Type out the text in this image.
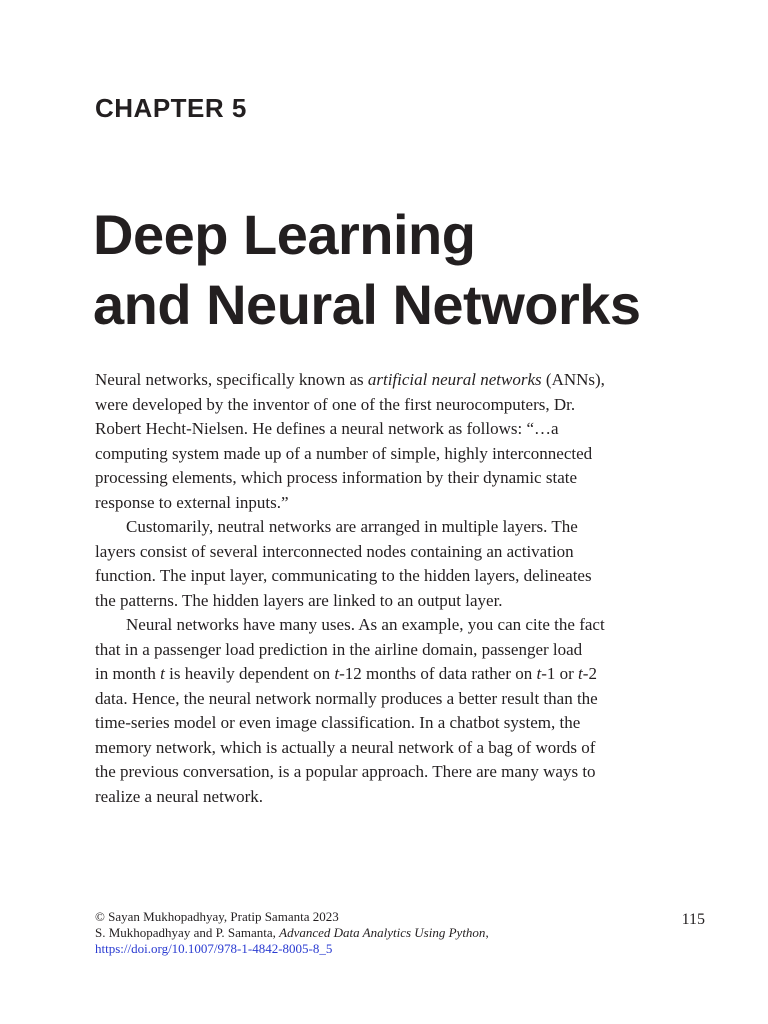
CHAPTER 5
Deep Learning
and Neural Networks

Neural networks, specifically known as artificial neural networks (ANNs),
were developed by the inventor of one of the first neurocomputers, Dr.
Robert Hecht-Nielsen. He defines a neural network as follows: “…a
computing system made up of a number of simple, highly interconnected
processing elements, which process information by their dynamic state
response to external inputs.”

Customarily, neutral networks are arranged in multiple layers. The
layers consist of several interconnected nodes containing an activation
function. The input layer, communicating to the hidden layers, delineates
the patterns. The hidden layers are linked to an output layer.

Neural networks have many uses. As an example, you can cite the fact
that in a passenger load prediction in the airline domain, passenger load
in month t is heavily dependent on t-12 months of data rather on t-1 or t-2
data. Hence, the neural network normally produces a better result than the
time-series model or even image classification. In a chatbot system, the
memory network, which is actually a neural network of a bag of words of
the previous conversation, is a popular approach. There are many ways to
realize a neural network.

© Sayan Mukhopadhyay, Pratip Samanta 2023
S. Mukhopadhyay and P. Samanta, Advanced Data Analytics Using Python,
https://doi.org/10.1007/978-1-4842-8005-8_5
115
